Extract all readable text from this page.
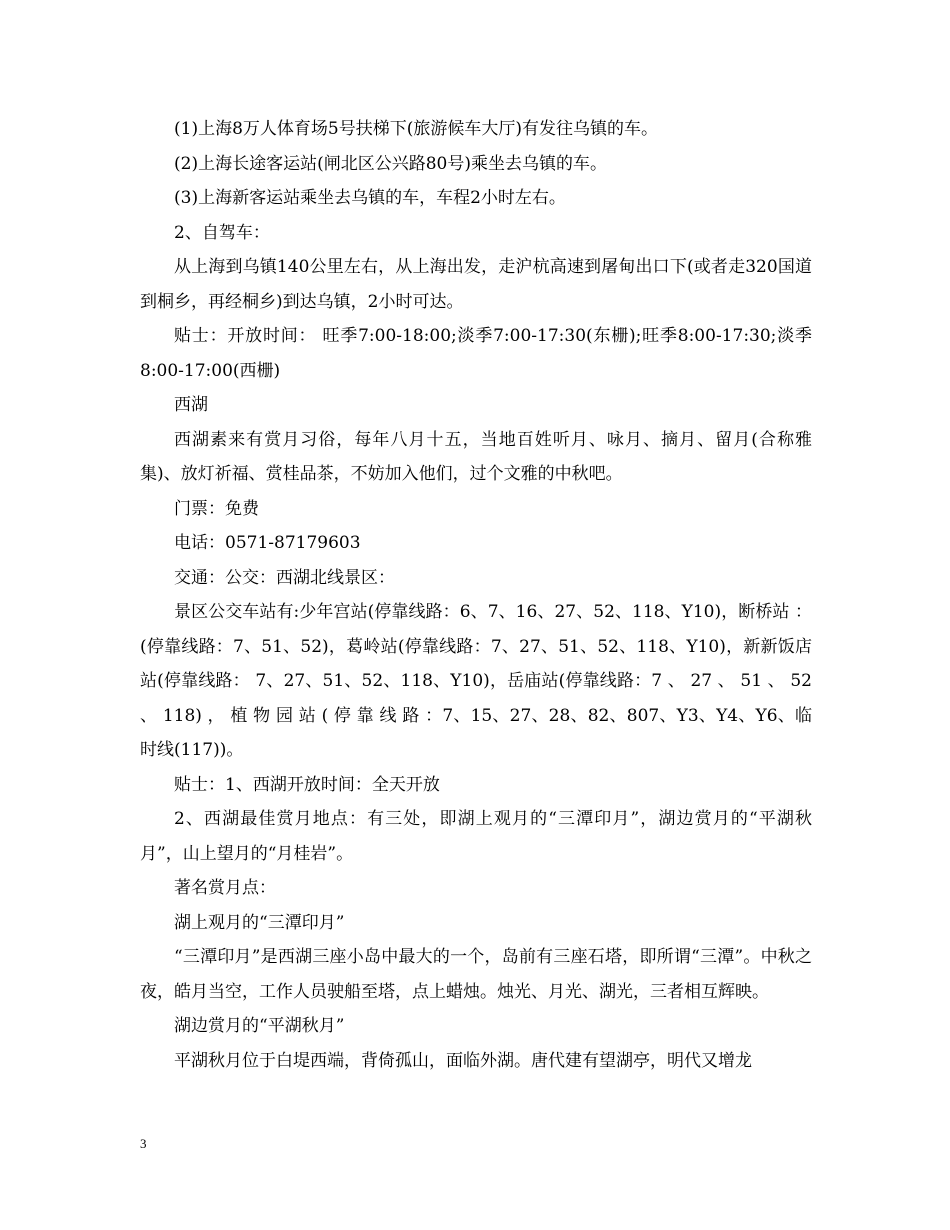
(1)上海8万人体育场5号扶梯下(旅游候车大厅)有发往乌镇的车。

(2)上海长途客运站(闸北区公兴路80号)乘坐去乌镇的车。

(3)上海新客运站乘坐去乌镇的车，车程2小时左右。

2、自驾车：

从上海到乌镇140公里左右，从上海出发，走沪杭高速到屠甸出口下(或者走320国道到桐乡，再经桐乡)到达乌镇，2小时可达。

贴士：开放时间： 旺季7:00-18:00;淡季7:00-17:30(东栅);旺季8:00-17:30;淡季8:00-17:00(西栅)

西湖

西湖素来有赏月习俗，每年八月十五，当地百姓听月、咏月、摘月、留月(合称雅集)、放灯祈福、赏桂品茶，不妨加入他们，过个文雅的中秋吧。

门票：免费

电话：0571-87179603

交通：公交：西湖北线景区：

景区公交车站有:少年宫站(停靠线路：6、7、16、27、52、118、Y10)，断桥站 ：(停靠线路：7、51、52)，葛岭站(停靠线路：7、27、51、52、118、Y10)，新新饭店站(停靠线路： 7、27、51、52、118、Y10)，岳庙站(停靠线路：7 、 27 、 51 、 52 、 118) ， 植 物 园 站 ( 停 靠 线 路 ：7、15、27、28、82、807、Y3、Y4、Y6、临时线(117))。

贴士：1、西湖开放时间：全天开放

2、西湖最佳赏月地点：有三处，即湖上观月的“三潭印月”，湖边赏月的“平湖秋月”，山上望月的“月桂岩”。

著名赏月点：

湖上观月的“三潭印月”

“三潭印月”是西湖三座小岛中最大的一个，岛前有三座石塔，即所谓“三潭”。中秋之夜，皓月当空，工作人员驶船至塔，点上蜡烛。烛光、月光、湖光，三者相互辉映。

湖边赏月的“平湖秋月”

平湖秋月位于白堤西端，背倚孤山，面临外湖。唐代建有望湖亭，明代又增龙

3
